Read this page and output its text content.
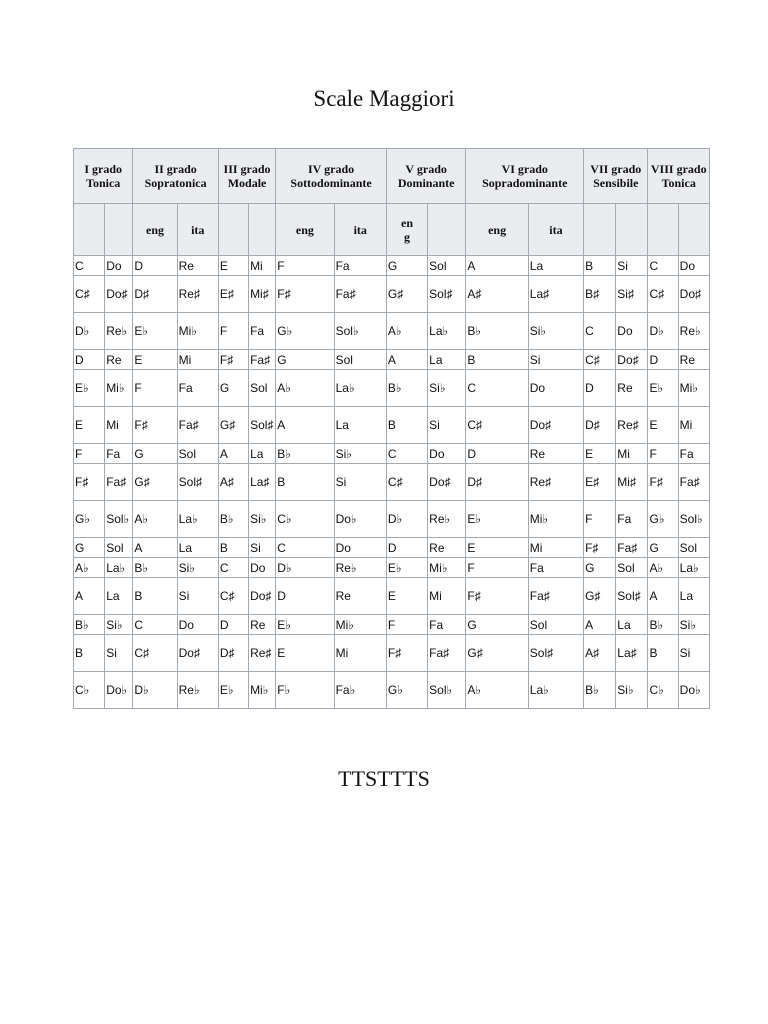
Scale Maggiori
I grado Tonica		II grado Sopratonica		III grado Modale		IV grado Sottodominante		V grado Dominante		VI grado Sopradominante		VII grado Sensibile		VIII grado Tonica	
		eng	ita			eng	ita	eng		eng	ita				
C	Do	D	Re	E	Mi	F	Fa	G	Sol	A	La	B	Si	C	Do
C♯	Do♯	D♯	Re♯	E♯	Mi♯	F♯	Fa♯	G♯	Sol♯	A♯	La♯	B♯	Si♯	C♯	Do♯
D♭	Re♭	E♭	Mi♭	F	Fa	G♭	Sol♭	A♭	La♭	B♭	Si♭	C	Do	D♭	Re♭
D	Re	E	Mi	F♯	Fa♯	G	Sol	A	La	B	Si	C♯	Do♯	D	Re
E♭	Mi♭	F	Fa	G	Sol	A♭	La♭	B♭	Si♭	C	Do	D	Re	E♭	Mi♭
E	Mi	F♯	Fa♯	G♯	Sol♯	A	La	B	Si	C♯	Do♯	D♯	Re♯	E	Mi
F	Fa	G	Sol	A	La	B♭	Si♭	C	Do	D	Re	E	Mi	F	Fa
F♯	Fa♯	G♯	Sol♯	A♯	La♯	B	Si	C♯	Do♯	D♯	Re♯	E♯	Mi♯	F♯	Fa♯
G♭	Sol♭	A♭	La♭	B♭	Si♭	C♭	Do♭	D♭	Re♭	E♭	Mi♭	F	Fa	G♭	Sol♭
G	Sol	A	La	B	Si	C	Do	D	Re	E	Mi	F♯	Fa♯	G	Sol
A♭	La♭	B♭	Si♭	C	Do	D♭	Re♭	E♭	Mi♭	F	Fa	G	Sol	A♭	La♭
A	La	B	Si	C♯	Do♯	D	Re	E	Mi	F♯	Fa♯	G♯	Sol♯	A	La
B♭	Si♭	C	Do	D	Re	E♭	Mi♭	F	Fa	G	Sol	A	La	B♭	Si♭
B	Si	C♯	Do♯	D♯	Re♯	E	Mi	F♯	Fa♯	G♯	Sol♯	A♯	La♯	B	Si
C♭	Do♭	D♭	Re♭	E♭	Mi♭	F♭	Fa♭	G♭	Sol♭	A♭	La♭	B♭	Si♭	C♭	Do♭
TTSTTTS
